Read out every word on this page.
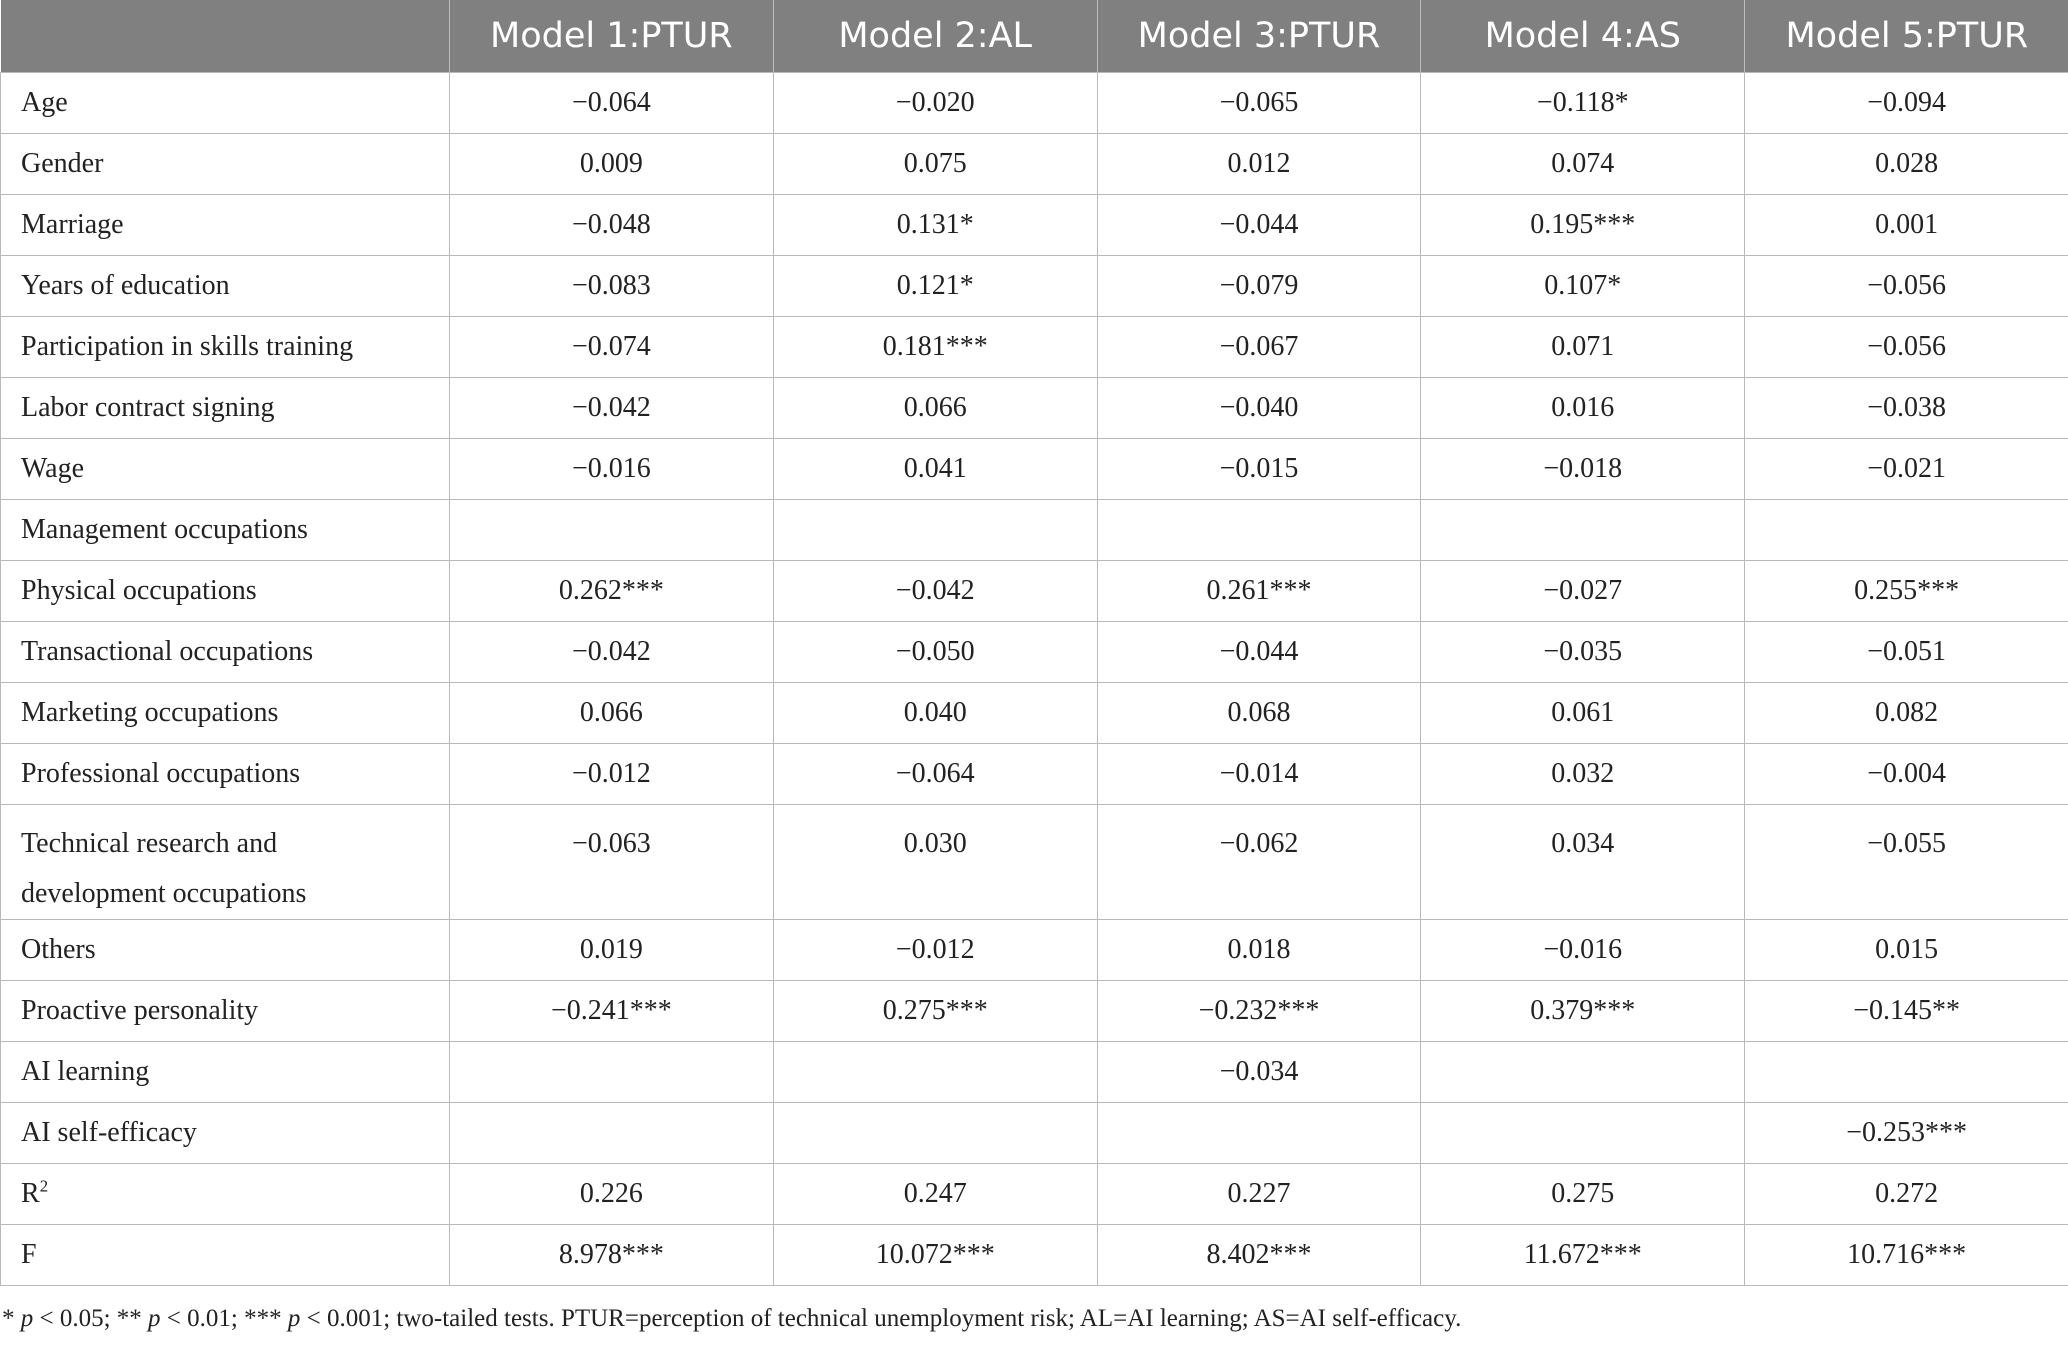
	Model 1:PTUR	Model 2:AL	Model 3:PTUR	Model 4:AS	Model 5:PTUR

Age	−0.064	−0.020	−0.065	−0.118*	−0.094

Gender	0.009	0.075	0.012	0.074	0.028

Marriage	−0.048	0.131*	−0.044	0.195***	0.001

Years of education	−0.083	0.121*	−0.079	0.107*	−0.056

Participation in skills training	−0.074	0.181***	−0.067	0.071	−0.056

Labor contract signing	−0.042	0.066	−0.040	0.016	−0.038

Wage	−0.016	0.041	−0.015	−0.018	−0.021

Management occupations					

Physical occupations	0.262***	−0.042	0.261***	−0.027	0.255***

Transactional occupations	−0.042	−0.050	−0.044	−0.035	−0.051

Marketing occupations	0.066	0.040	0.068	0.061	0.082

Professional occupations	−0.012	−0.064	−0.014	0.032	−0.004

Technical research and development occupations	−0.063	0.030	−0.062	0.034	−0.055

Others	0.019	−0.012	0.018	−0.016	0.015

Proactive personality	−0.241***	0.275***	−0.232***	0.379***	−0.145**

AI learning			−0.034		

AI self-efficacy					−0.253***

$R^2$	0.226	0.247	0.227	0.275	0.272

F	8.978***	10.072***	8.402***	11.672***	10.716***
* p < 0.05; ** p < 0.01; *** p < 0.001; two-tailed tests. PTUR=perception of technical unemployment risk; AL=AI learning; AS=AI self-efficacy.
